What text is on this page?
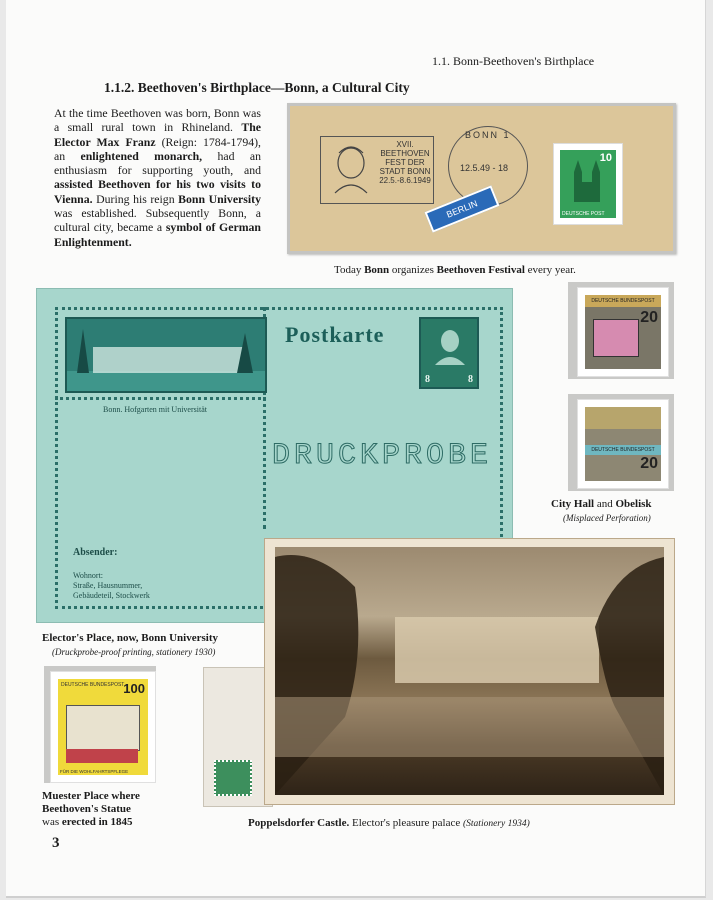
1.1. Bonn-Beethoven's Birthplace
1.1.2. Beethoven's Birthplace—Bonn, a Cultural City
At the time Beethoven was born, Bonn was a small rural town in Rhineland. The Elector Max Franz (Reign: 1784-1794), an enlightened monarch, had an enthusiasm for supporting youth, and assisted Beethoven for his two visits to Vienna. During his reign Bonn University was established. Subsequently Bonn, a cultural city, became a symbol of German Enlightenment.
XVII. BEETHOVEN FEST DER STADT BONN 22.5.-8.6.1949
BONN 1
12.5.49 - 18
BERLIN
10
DEUTSCHE POST
Today Bonn organizes Beethoven Festival every year.
Bonn. Hofgarten mit Universität
Postkarte
8	8
DRUCKPROBE
Absender:
Wohnort:
Straße, Hausnummer,
Gebäudeteil, Stockwerk
Elector's Place, now, Bonn University
(Druckprobe-proof printing, stationery 1930)
DEUTSCHE BUNDESPOST
20
DEUTSCHE BUNDESPOST
20
City Hall and Obelisk
(Misplaced Perforation)
Poppelsdorfer Castle. Elector's pleasure palace (Stationery 1934)
DEUTSCHE BUNDESPOST
100
FÜR DIE WOHLFAHRTSPFLEGE
Muester Place where
Beethoven's Statue
was erected in 1845
3
